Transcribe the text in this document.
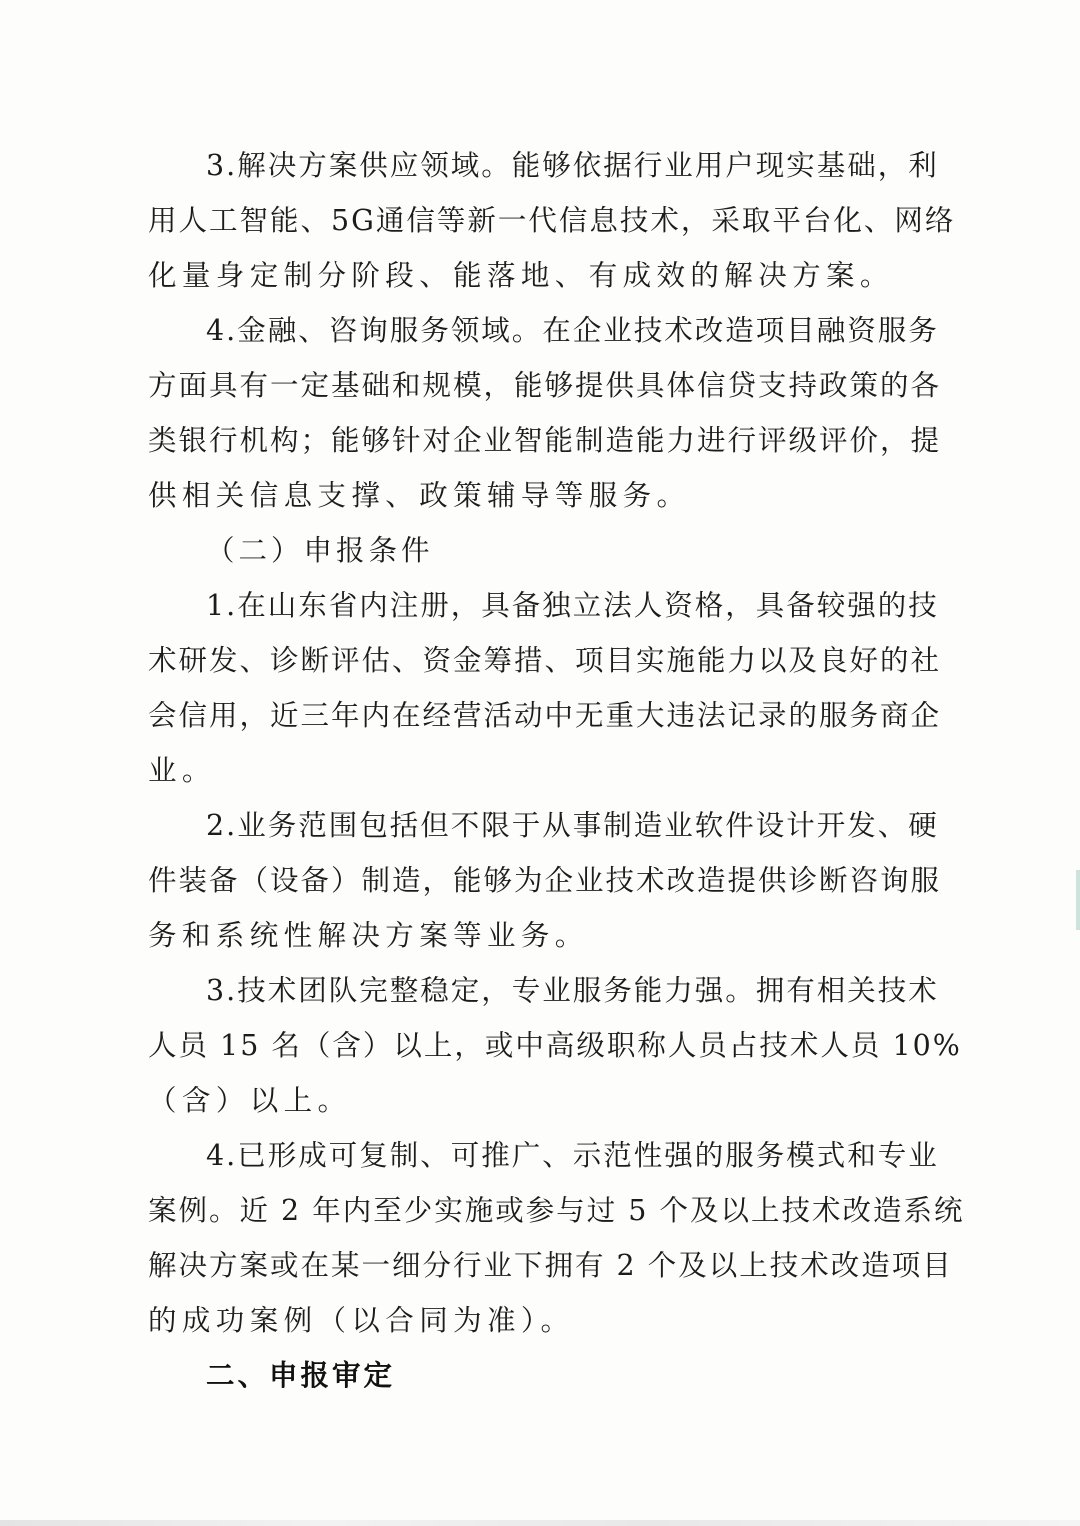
3.解决方案供应领域。能够依据行业用户现实基础，利
用人工智能、5G通信等新一代信息技术，采取平台化、网络
化量身定制分阶段、能落地、有成效的解决方案。
4.金融、咨询服务领域。在企业技术改造项目融资服务
方面具有一定基础和规模，能够提供具体信贷支持政策的各
类银行机构；能够针对企业智能制造能力进行评级评价，提
供相关信息支撑、政策辅导等服务。
（二）申报条件
1.在山东省内注册，具备独立法人资格，具备较强的技
术研发、诊断评估、资金筹措、项目实施能力以及良好的社
会信用，近三年内在经营活动中无重大违法记录的服务商企
业。
2.业务范围包括但不限于从事制造业软件设计开发、硬
件装备（设备）制造，能够为企业技术改造提供诊断咨询服
务和系统性解决方案等业务。
3.技术团队完整稳定，专业服务能力强。拥有相关技术
人员 15 名（含）以上，或中高级职称人员占技术人员 10%
（含）以上。
4.已形成可复制、可推广、示范性强的服务模式和专业
案例。近 2 年内至少实施或参与过 5 个及以上技术改造系统
解决方案或在某一细分行业下拥有 2 个及以上技术改造项目
的成功案例（以合同为准）。
二、申报审定
